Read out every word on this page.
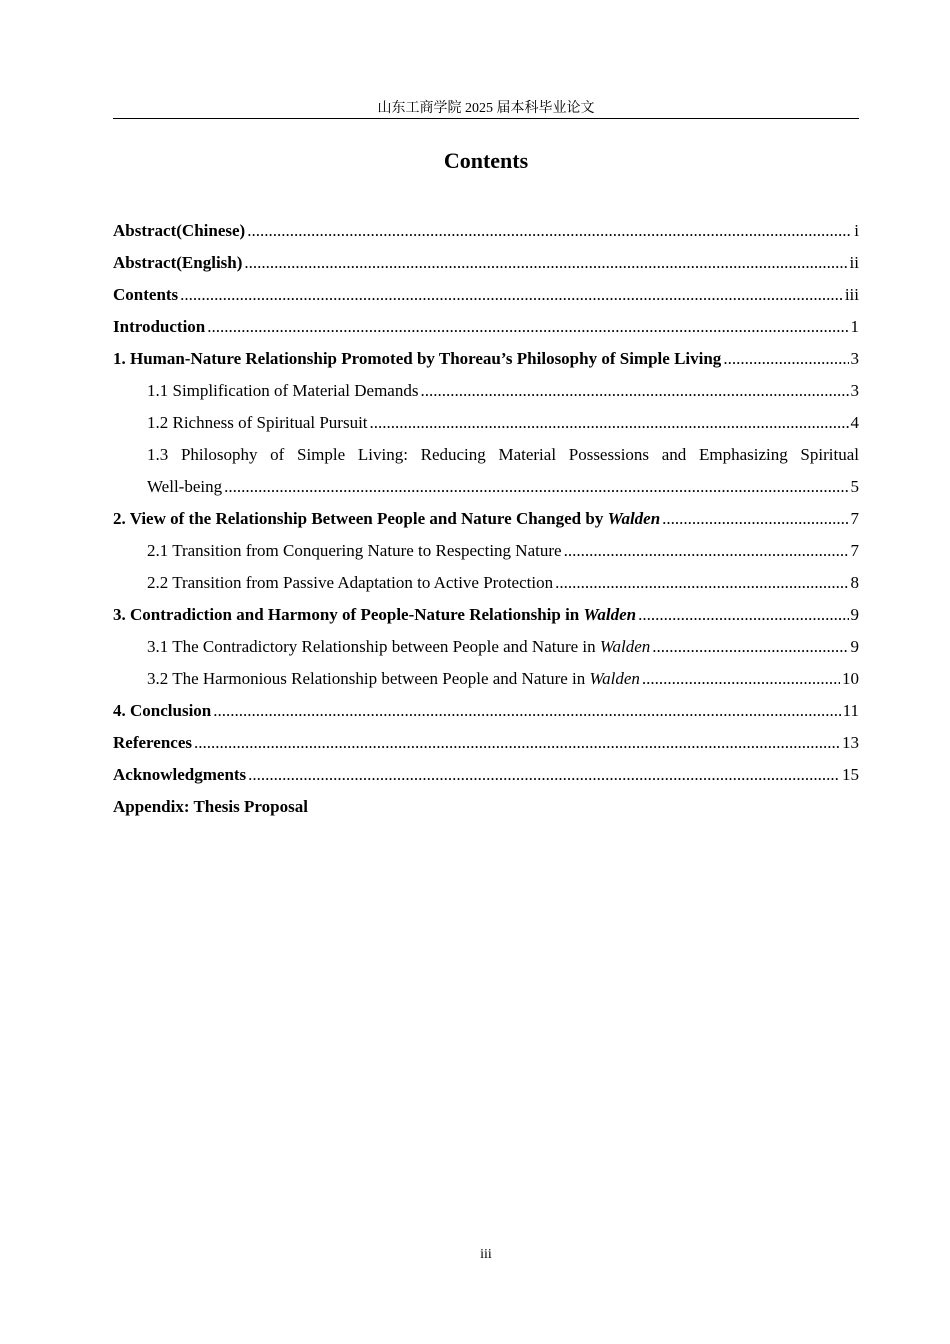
山东工商学院 2025 届本科毕业论文
Contents
Abstract(Chinese) .....	i
Abstract(English) .....	ii
Contents .....	iii
Introduction .....	1
1. Human-Nature Relationship Promoted by Thoreau’s Philosophy of Simple Living .....	3
1.1 Simplification of Material Demands .....	3
1.2 Richness of Spiritual Pursuit .....	4
1.3 Philosophy of Simple Living: Reducing Material Possessions and Emphasizing Spiritual
Well-being .....	5
2. View of the Relationship Between People and Nature Changed by Walden .....	7
2.1 Transition from Conquering Nature to Respecting Nature .....	7
2.2 Transition from Passive Adaptation to Active Protection .....	8
3. Contradiction and Harmony of People-Nature Relationship in Walden .....	9
3.1 The Contradictory Relationship between People and Nature in Walden .....	9
3.2 The Harmonious Relationship between People and Nature in Walden .....	10
4. Conclusion .....	11
References .....	13
Acknowledgments .....	15
Appendix: Thesis Proposal
iii
